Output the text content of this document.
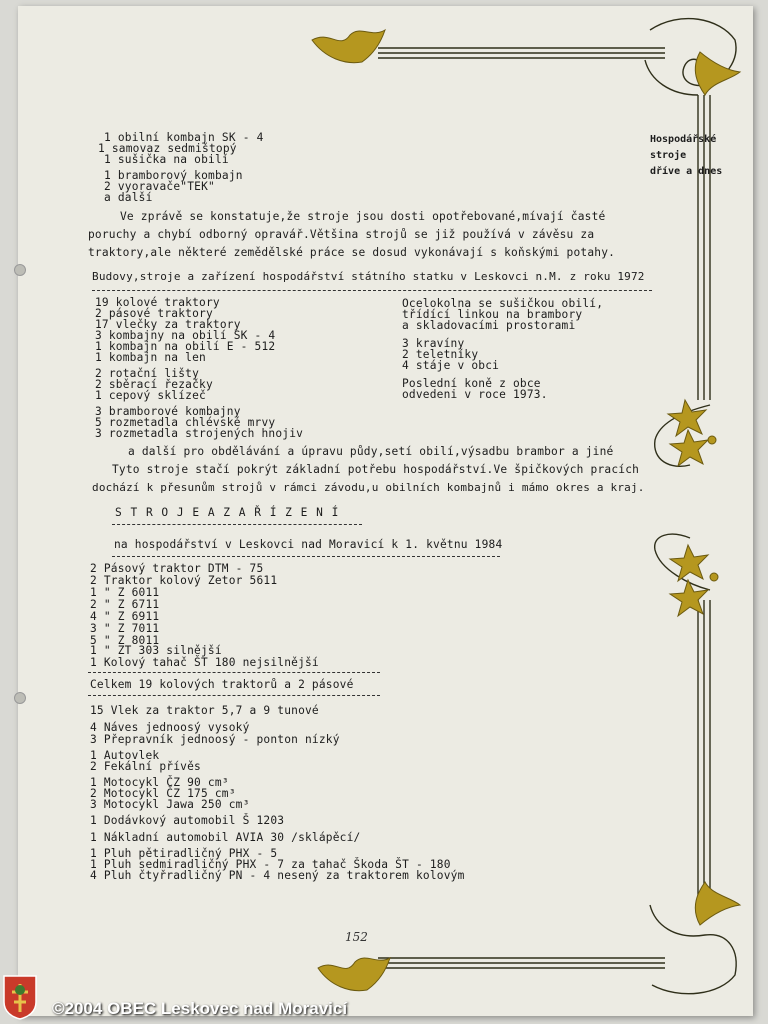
Hospodářské
stroje
dříve a dnes
1 obilní kombajn SK - 4
1 samovaz sedmištopý
1 sušička na obilí
1 bramborový kombajn
2 vyoravače"TEK"
a další
Ve zprávě se konstatuje,že stroje jsou dosti opotřebované,mívají časté
poruchy a chybí odborný opravář.Většina strojů se již používá v závěsu za
traktory,ale některé zemědělské práce se dosud vykonávají s koňskými potahy.
Budovy,stroje a zařízení hospodářství státního statku v Leskovci n.M. z roku 1972
19 kolové traktory
2 pásové traktory
17 vlečky za traktory
3 kombajny na obilí SK - 4
1 kombajn na obilí E - 512
1 kombajn na len
2 rotační lišty
2 sběrací řezačky
1 cepový sklízeč
3 bramborové kombajny
5 rozmetadla chlévské mrvy
3 rozmetadla strojených hnojiv
Ocelokolna se sušičkou obilí,
třídící linkou na brambory
a skladovacími prostorami
3 kravíny
2 teletníky
4 stáje v obci
Poslední koně z obce
odvedeni v roce 1973.
a další pro obdělávání a úpravu půdy,setí obilí,výsadbu brambor a jiné
Tyto stroje stačí pokrýt základní potřebu hospodářství.Ve špičkových pracích
dochází k přesunům strojů v rámci závodu,u obilních kombajnů i mámo okres a kraj.
S T R O J E A Z A Ř Í Z E N Í
na hospodářství v Leskovci nad Moravicí k 1. květnu 1984
2 Pásový traktor DTM - 75
2 Traktor kolový Zetor 5611
1 " Z 6011
2 " Z 6711
4 " Z 6911
3 " Z 7011
5 " Z 8011
1 " ZT 303 silnější
1 Kolový tahač ŠT 180 nejsilnější
Celkem 19 kolových traktorů a 2 pásové
15 Vlek za traktor 5,7 a 9 tunové
4 Náves jednoosý vysoký
3 Přepravník jednoosý - ponton nízký
1 Autovlek
2 Fekální přívěs
1 Motocykl ČZ 90 cm³
2 Motocykl ČZ 175 cm³
3 Motocykl Jawa 250 cm³
1 Dodávkový automobil Š 1203
1 Nákladní automobil AVIA 30 /sklápěcí/
1 Pluh pětiradličný PHX - 5
1 Pluh sedmiradličný PHX - 7 za tahač Škoda ŠT - 180
4 Pluh čtyřradličný PN - 4 nesený za traktorem kolovým
152
©2004 OBEC Leskovec nad Moravicí
